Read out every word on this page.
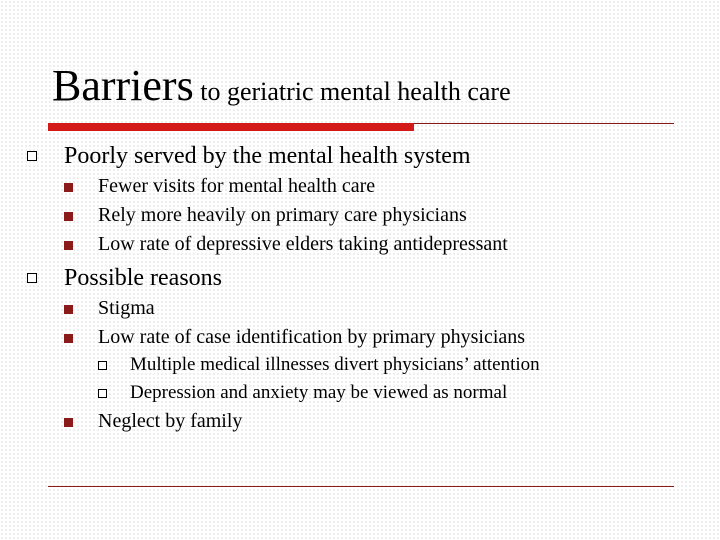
Barriers to geriatric mental health care
Poorly served by the mental health system
Fewer visits for mental health care
Rely more heavily on primary care physicians
Low rate of depressive elders taking antidepressant
Possible reasons
Stigma
Low rate of case identification by primary physicians
Multiple medical illnesses divert physicians’ attention
Depression and anxiety may be viewed as normal
Neglect by family
